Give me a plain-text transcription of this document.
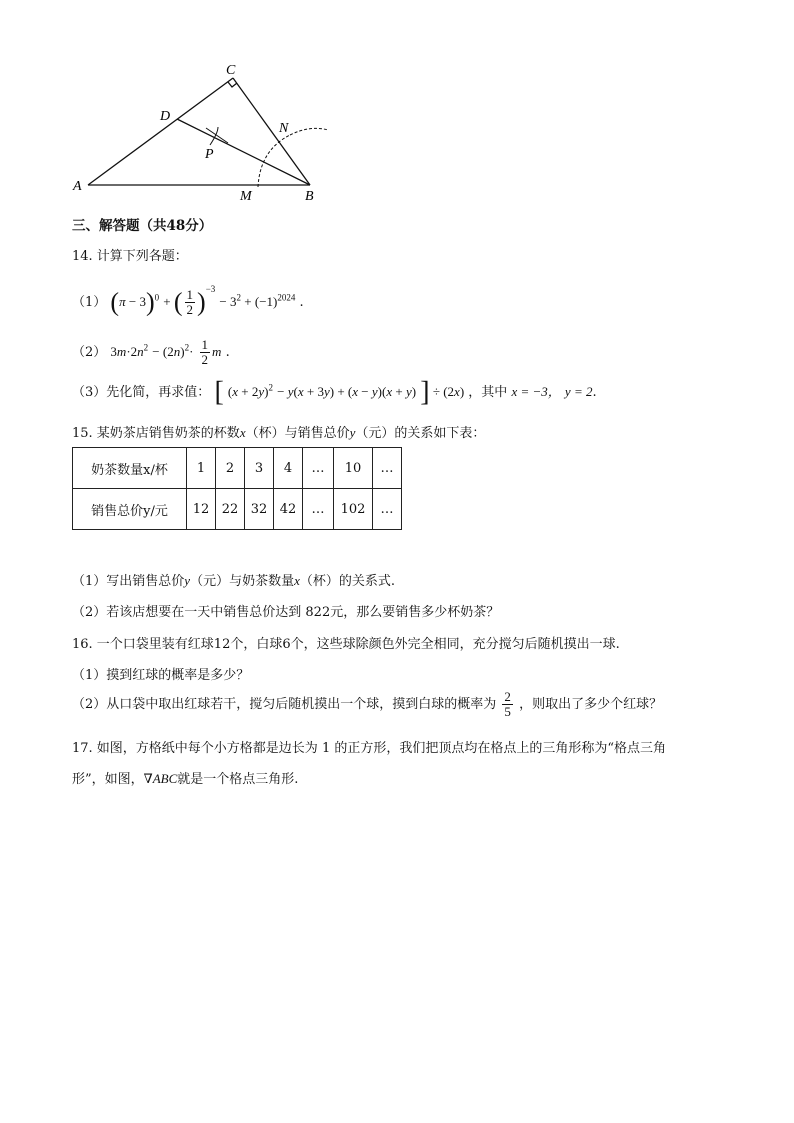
C
D
N
P
A
M	B
三、解答题（共48分）
14. 计算下列各题：
（1） $(\pi - 3)^0$ + ( $\frac{1}{2} )^{-3} - 3^2 + (-1)^{2024}$ .
（2） $3m\cdot 2n^2 - (2n)^2\cdot \frac{1}{2}$ m .
（3）先化简，再求值： [ $(x + 2y)^2 - y(x + 3y) + (x - y)(x + y)$ ] ÷ (2x) ，其中 x = −3， y = 2.
15. 某奶茶店销售奶茶的杯数x（杯）与销售总价y（元）的关系如下表：
奶茶数量x/杯	1	2	3	4	…	10	…
销售总价y/元	12	22	32	42	…	102	…
（1）写出销售总价y（元）与奶茶数量x（杯）的关系式.
（2）若该店想要在一天中销售总价达到 822元，那么要销售多少杯奶茶？
16. 一个口袋里装有红球12个，白球6个，这些球除颜色外完全相同，充分搅匀后随机摸出一球.
（1）摸到红球的概率是多少？
（2）从口袋中取出红球若干，搅匀后随机摸出一个球，摸到白球的概率为 $\frac{2}{5}$ ，则取出了多少个红球？
17. 如图，方格纸中每个小方格都是边长为 1 的正方形，我们把顶点均在格点上的三角形称为“格点三角
形”，如图，∇ABC就是一个格点三角形.
